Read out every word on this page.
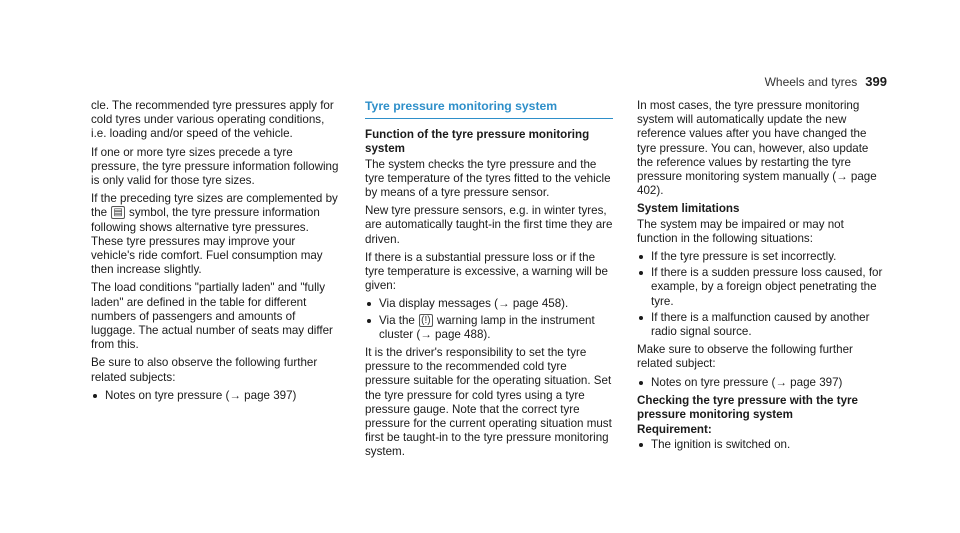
Wheels and tyres 399

cle. The recommended tyre pressures apply for cold tyres under various operating conditions, i.e. loading and/or speed of the vehicle.

If one or more tyre sizes precede a tyre pressure, the tyre pressure information following is only valid for those tyre sizes.

If the preceding tyre sizes are complemented by the ▤ symbol, the tyre pressure information following shows alternative tyre pressures. These tyre pressures may improve your vehicle's ride comfort. Fuel consumption may then increase slightly.

The load conditions "partially laden" and "fully laden" are defined in the table for different numbers of passengers and amounts of luggage. The actual number of seats may differ from this.

Be sure to also observe the following further related subjects:

Notes on tyre pressure (→ page 397)
Tyre pressure monitoring system
Function of the tyre pressure monitoring system

The system checks the tyre pressure and the tyre temperature of the tyres fitted to the vehicle by means of a tyre pressure sensor.

New tyre pressure sensors, e.g. in winter tyres, are automatically taught-in the first time they are driven.

If there is a substantial pressure loss or if the tyre temperature is excessive, a warning will be given:

Via display messages (→ page 458).
Via the (!) warning lamp in the instrument cluster (→ page 488).

It is the driver's responsibility to set the tyre pressure to the recommended cold tyre pressure suitable for the operating situation. Set the tyre pressure for cold tyres using a tyre pressure gauge. Note that the correct tyre pressure for the current operating situation must first be taught-in to the tyre pressure monitoring system.

In most cases, the tyre pressure monitoring system will automatically update the new reference values after you have changed the tyre pressure. You can, however, also update the reference values by restarting the tyre pressure monitoring system manually (→ page 402).

System limitations

The system may be impaired or may not function in the following situations:

If the tyre pressure is set incorrectly.
If there is a sudden pressure loss caused, for example, by a foreign object penetrating the tyre.
If there is a malfunction caused by another radio signal source.

Make sure to observe the following further related subject:

Notes on tyre pressure (→ page 397)
Checking the tyre pressure with the tyre pressure monitoring system
Requirement:
The ignition is switched on.
